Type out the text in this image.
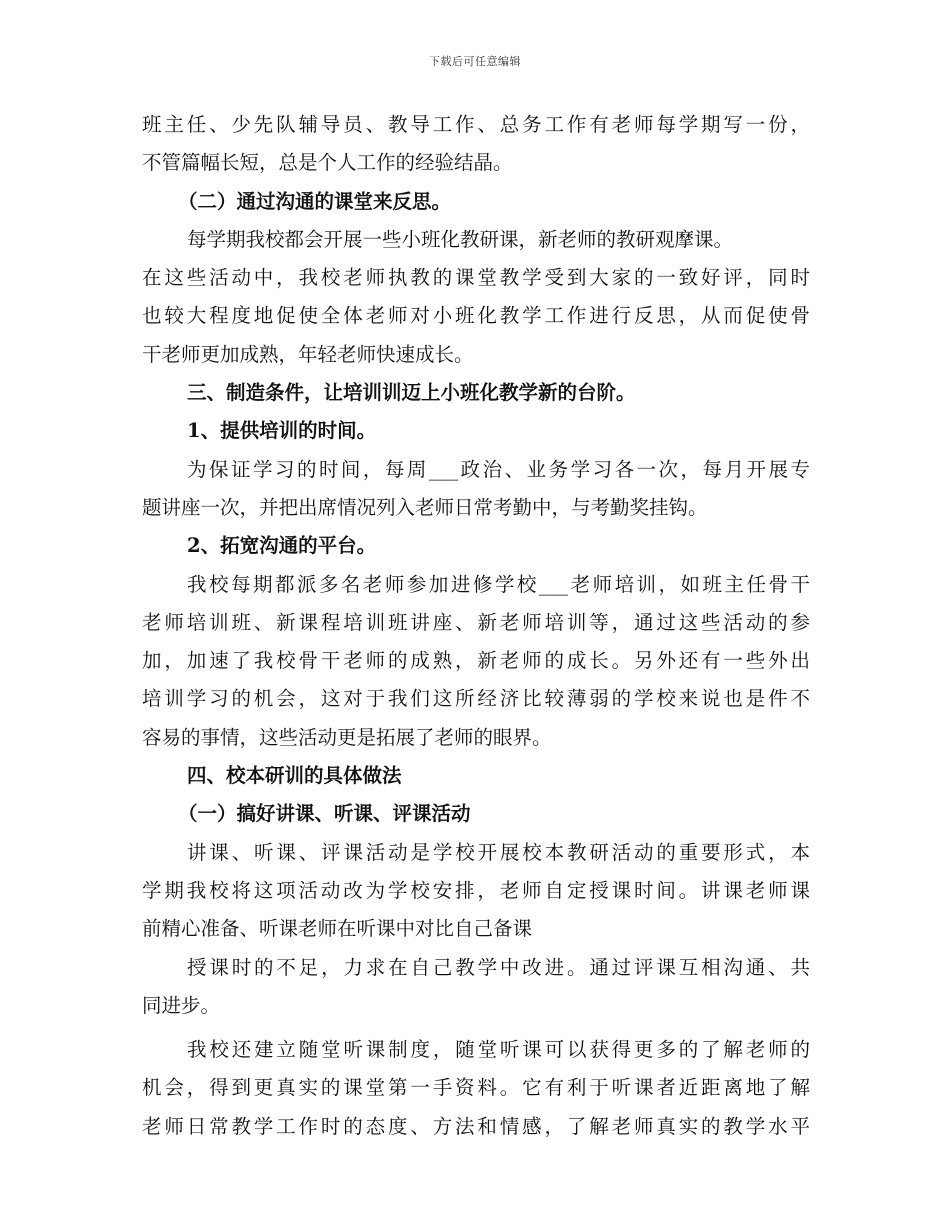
下载后可任意编辑
班主任、少先队辅导员、教导工作、总务工作有老师每学期写一份，
不管篇幅长短，总是个人工作的经验结晶。
（二）通过沟通的课堂来反思。
每学期我校都会开展一些小班化教研课，新老师的教研观摩课。
在这些活动中，我校老师执教的课堂教学受到大家的一致好评，同时
也较大程度地促使全体老师对小班化教学工作进行反思，从而促使骨
干老师更加成熟，年轻老师快速成长。
三、制造条件，让培训训迈上小班化教学新的台阶。
1、提供培训的时间。
为保证学习的时间，每周___政治、业务学习各一次，每月开展专
题讲座一次，并把出席情况列入老师日常考勤中，与考勤奖挂钩。
2、拓宽沟通的平台。
我校每期都派多名老师参加进修学校___老师培训，如班主任骨干
老师培训班、新课程培训班讲座、新老师培训等，通过这些活动的参
加，加速了我校骨干老师的成熟，新老师的成长。另外还有一些外出
培训学习的机会，这对于我们这所经济比较薄弱的学校来说也是件不
容易的事情，这些活动更是拓展了老师的眼界。
四、校本研训的具体做法
（一）搞好讲课、听课、评课活动
讲课、听课、评课活动是学校开展校本教研活动的重要形式，本
学期我校将这项活动改为学校安排，老师自定授课时间。讲课老师课
前精心准备、听课老师在听课中对比自己备课
授课时的不足，力求在自己教学中改进。通过评课互相沟通、共
同进步。
我校还建立随堂听课制度，随堂听课可以获得更多的了解老师的
机会，得到更真实的课堂第一手资料。它有利于听课者近距离地了解
老师日常教学工作时的态度、方法和情感，了解老师真实的教学水平
